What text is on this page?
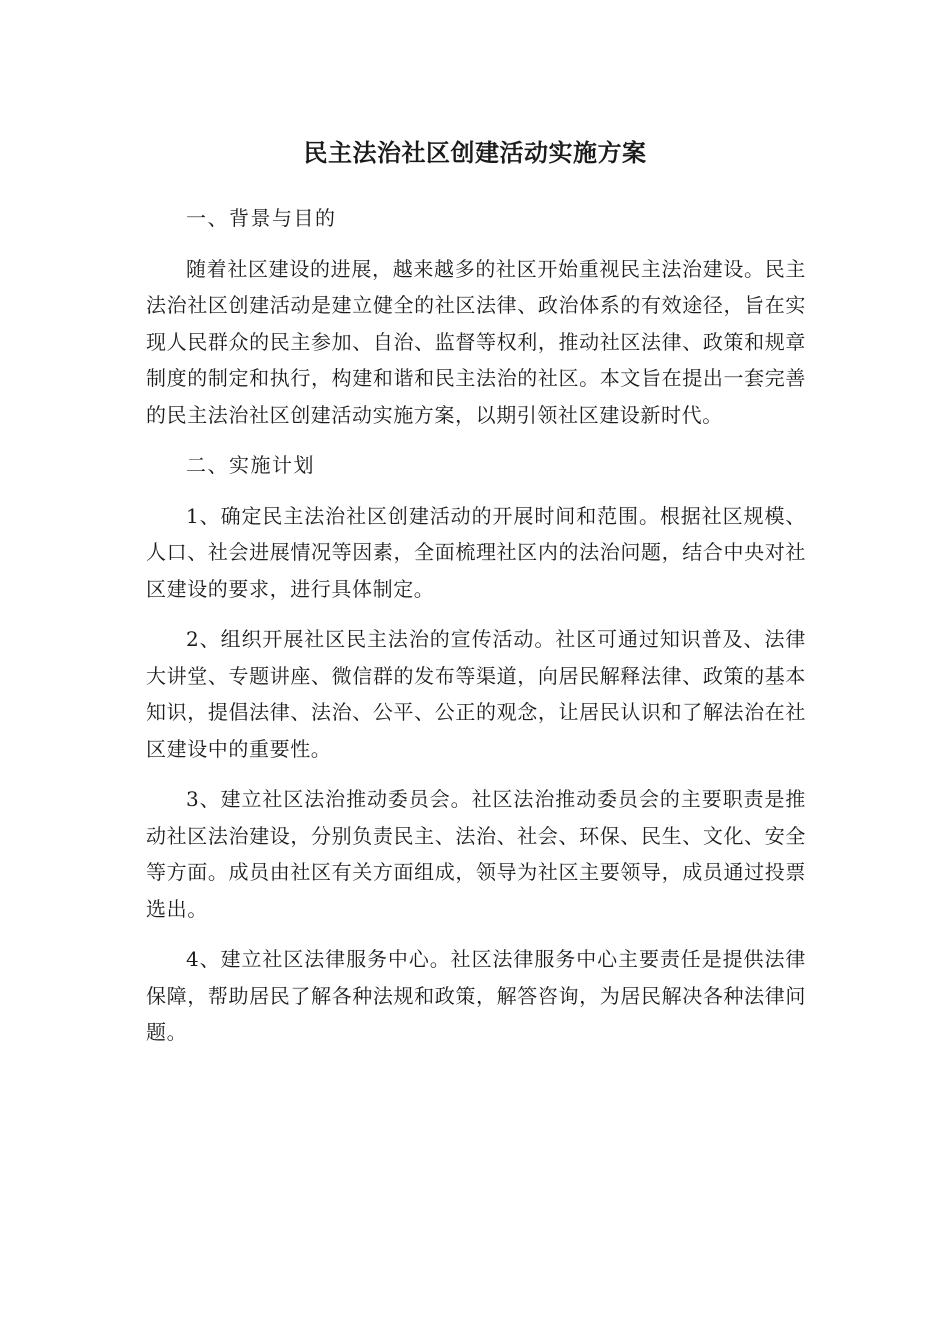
民主法治社区创建活动实施方案

一、背景与目的

随着社区建设的进展，越来越多的社区开始重视民主法治建设。民主法治社区创建活动是建立健全的社区法律、政治体系的有效途径，旨在实现人民群众的民主参加、自治、监督等权利，推动社区法律、政策和规章制度的制定和执行，构建和谐和民主法治的社区。本文旨在提出一套完善的民主法治社区创建活动实施方案，以期引领社区建设新时代。

二、实施计划

1、确定民主法治社区创建活动的开展时间和范围。根据社区规模、人口、社会进展情况等因素，全面梳理社区内的法治问题，结合中央对社区建设的要求，进行具体制定。

2、组织开展社区民主法治的宣传活动。社区可通过知识普及、法律大讲堂、专题讲座、微信群的发布等渠道，向居民解释法律、政策的基本知识，提倡法律、法治、公平、公正的观念，让居民认识和了解法治在社区建设中的重要性。

3、建立社区法治推动委员会。社区法治推动委员会的主要职责是推动社区法治建设，分别负责民主、法治、社会、环保、民生、文化、安全等方面。成员由社区有关方面组成，领导为社区主要领导，成员通过投票选出。

4、建立社区法律服务中心。社区法律服务中心主要责任是提供法律保障，帮助居民了解各种法规和政策，解答咨询，为居民解决各种法律问题。
